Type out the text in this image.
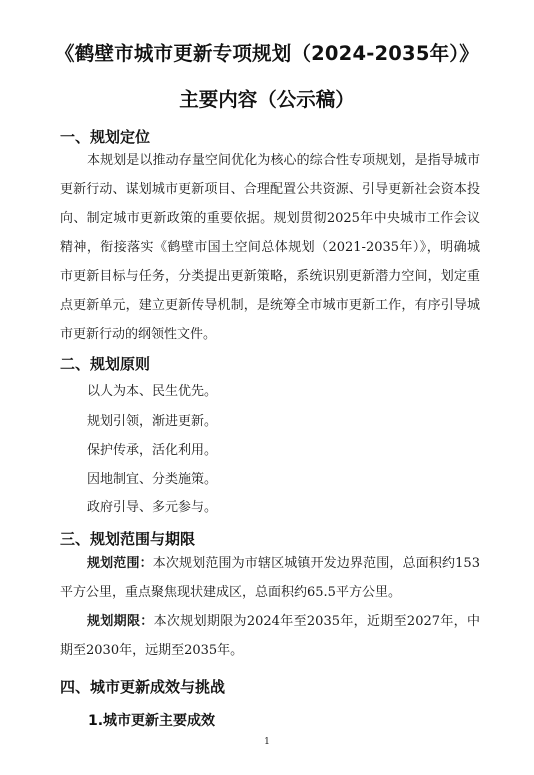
《鹤壁市城市更新专项规划（2024-2035年）》
主要内容（公示稿）
一、规划定位
本规划是以推动存量空间优化为核心的综合性专项规划，是指导城市更新行动、谋划城市更新项目、合理配置公共资源、引导更新社会资本投向、制定城市更新政策的重要依据。规划贯彻2025年中央城市工作会议精神，衔接落实《鹤壁市国土空间总体规划（2021-2035年）》，明确城市更新目标与任务，分类提出更新策略，系统识别更新潜力空间，划定重点更新单元，建立更新传导机制，是统筹全市城市更新工作，有序引导城市更新行动的纲领性文件。
二、规划原则
以人为本、民生优先。
规划引领，渐进更新。
保护传承，活化利用。
因地制宜、分类施策。
政府引导、多元参与。
三、规划范围与期限
规划范围：本次规划范围为市辖区城镇开发边界范围，总面积约153平方公里，重点聚焦现状建成区，总面积约65.5平方公里。
规划期限：本次规划期限为2024年至2035年，近期至2027年，中期至2030年，远期至2035年。
四、城市更新成效与挑战
1.城市更新主要成效
1
